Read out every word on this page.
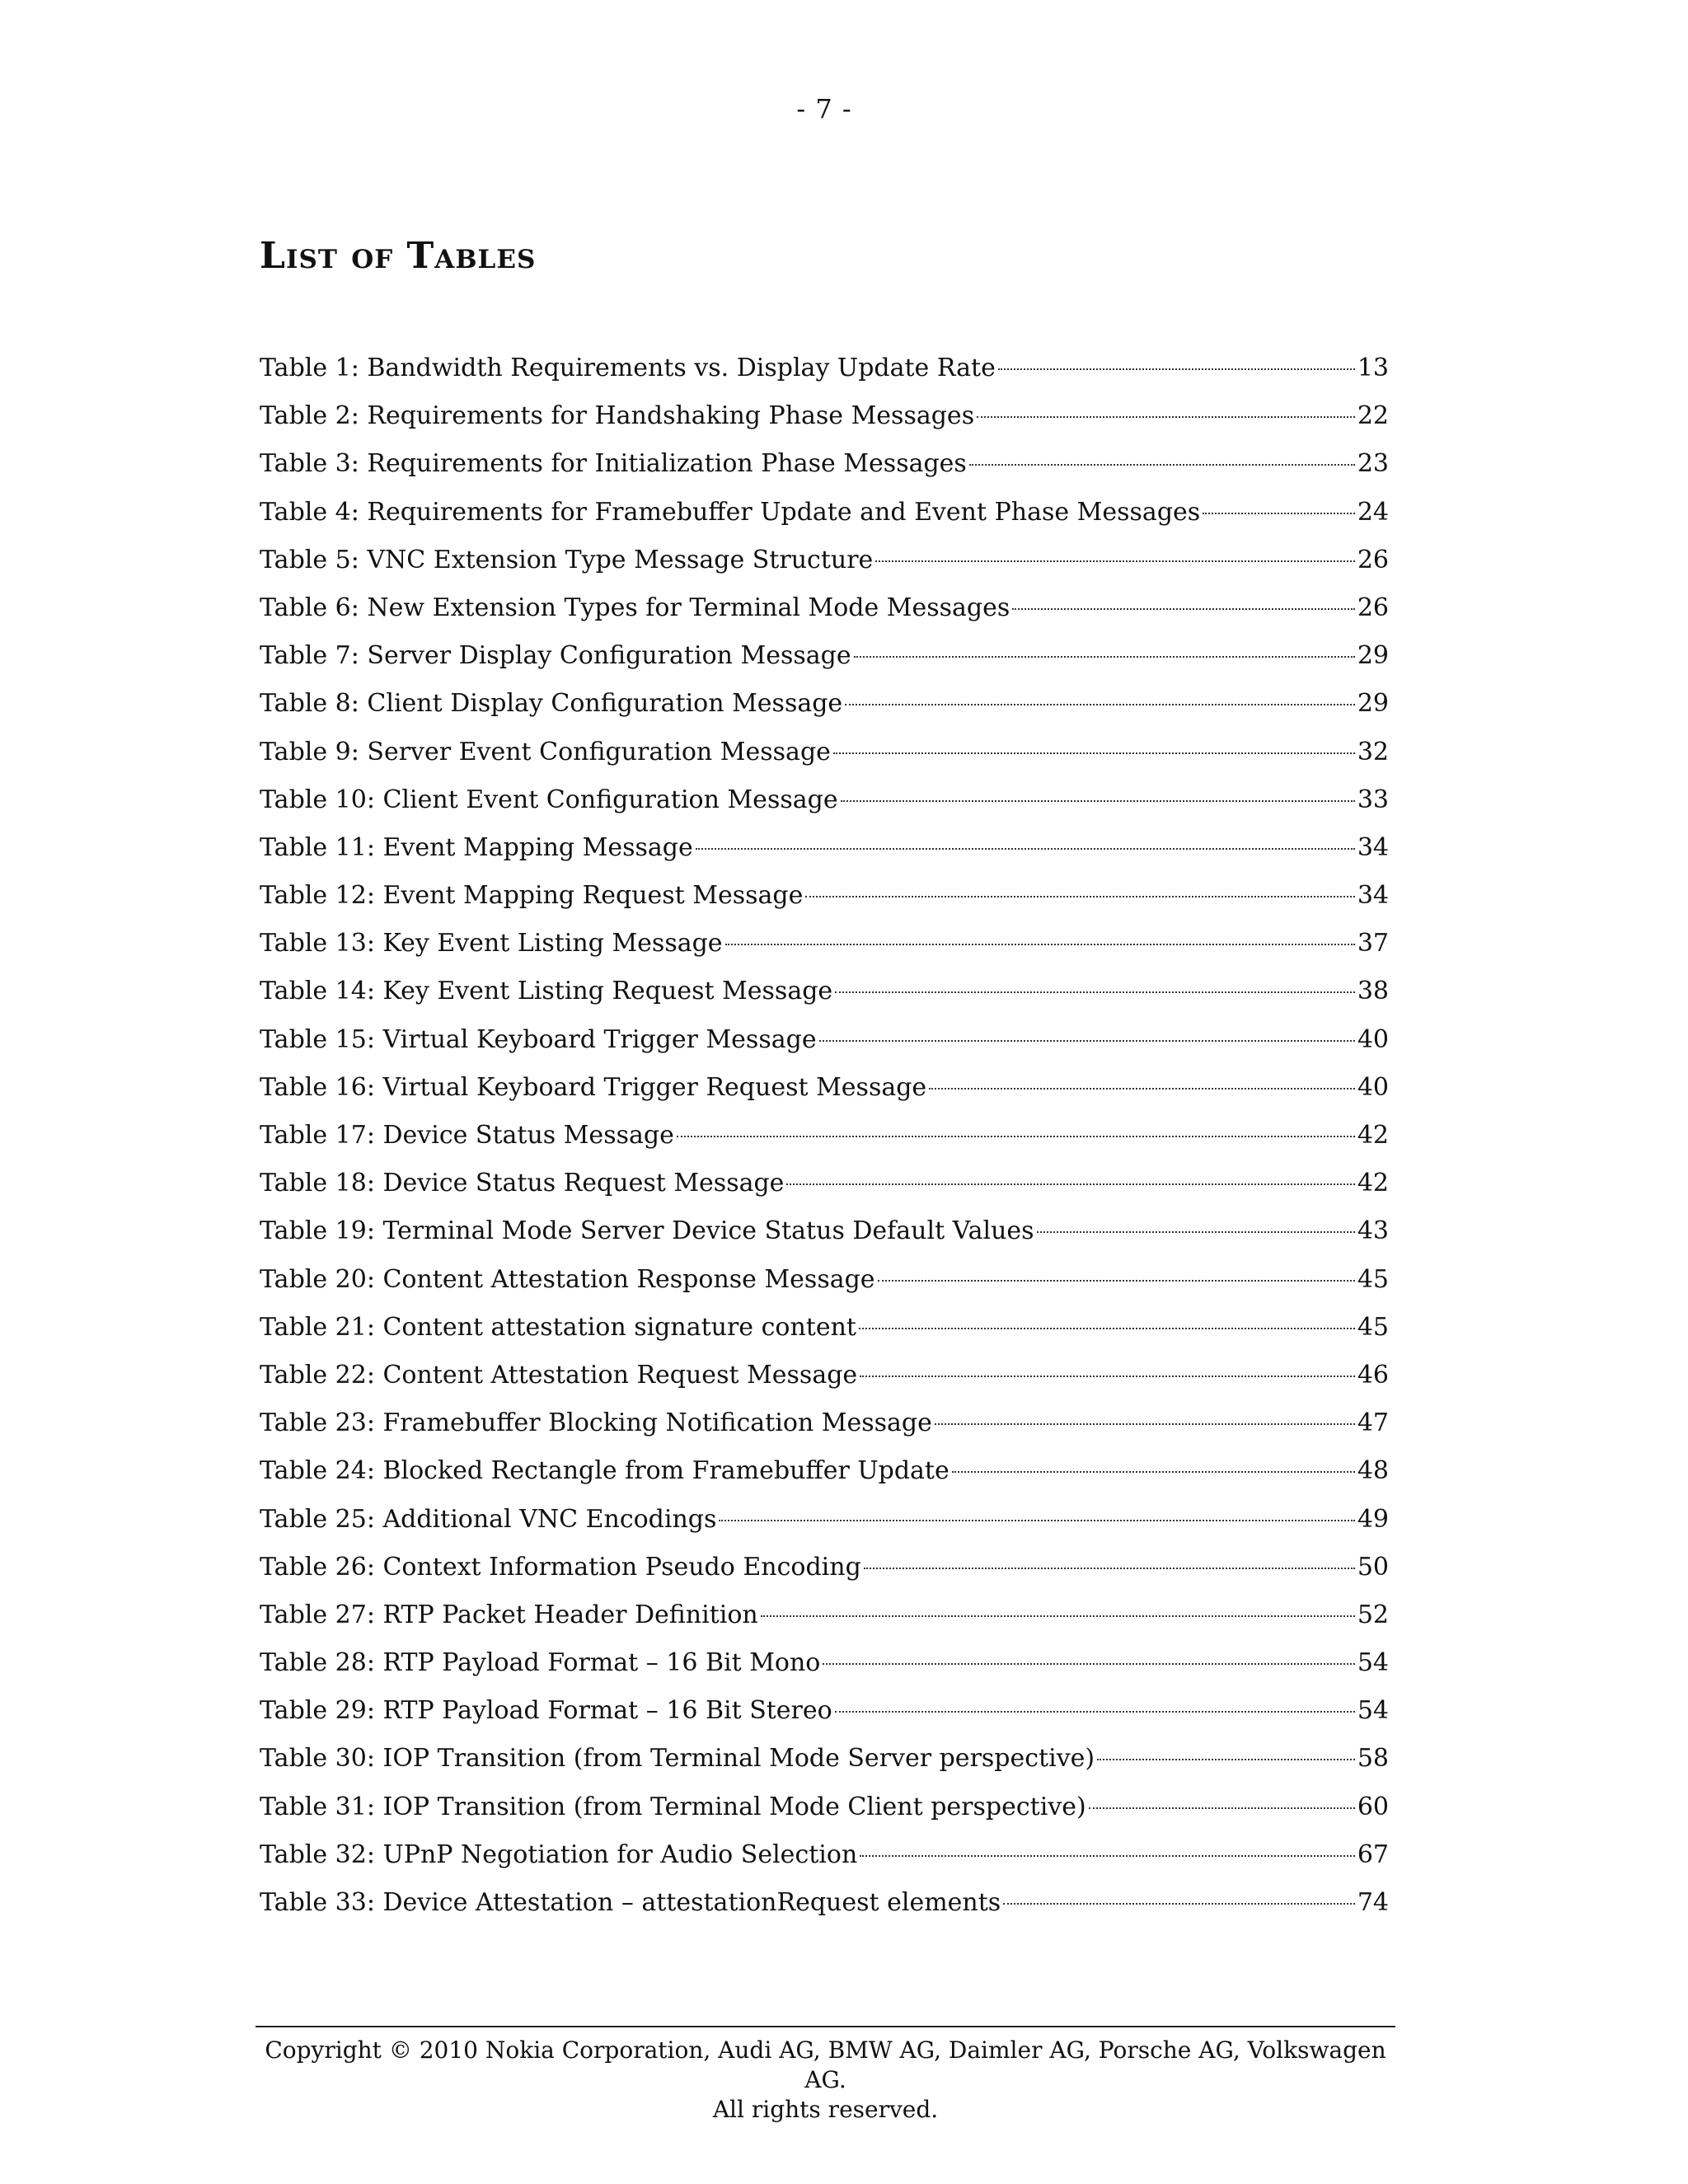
- 7 -
List of Tables
Table 1: Bandwidth Requirements vs. Display Update Rate	13
Table 2: Requirements for Handshaking Phase Messages	22
Table 3: Requirements for Initialization Phase Messages	23
Table 4: Requirements for Framebuffer Update and Event Phase Messages	24
Table 5: VNC Extension Type Message Structure	26
Table 6: New Extension Types for Terminal Mode Messages	26
Table 7: Server Display Configuration Message	29
Table 8: Client Display Configuration Message	29
Table 9: Server Event Configuration Message	32
Table 10: Client Event Configuration Message	33
Table 11: Event Mapping Message	34
Table 12: Event Mapping Request Message	34
Table 13: Key Event Listing Message	37
Table 14: Key Event Listing Request Message	38
Table 15: Virtual Keyboard Trigger Message	40
Table 16: Virtual Keyboard Trigger Request Message	40
Table 17: Device Status Message	42
Table 18: Device Status Request Message	42
Table 19: Terminal Mode Server Device Status Default Values	43
Table 20: Content Attestation Response Message	45
Table 21: Content attestation signature content	45
Table 22: Content Attestation Request Message	46
Table 23: Framebuffer Blocking Notification Message	47
Table 24: Blocked Rectangle from Framebuffer Update	48
Table 25: Additional VNC Encodings	49
Table 26: Context Information Pseudo Encoding	50
Table 27: RTP Packet Header Definition	52
Table 28: RTP Payload Format – 16 Bit Mono	54
Table 29: RTP Payload Format – 16 Bit Stereo	54
Table 30: IOP Transition (from Terminal Mode Server perspective)	58
Table 31: IOP Transition (from Terminal Mode Client perspective)	60
Table 32: UPnP Negotiation for Audio Selection	67
Table 33: Device Attestation – attestationRequest elements	74
Copyright © 2010 Nokia Corporation, Audi AG, BMW AG, Daimler AG, Porsche AG, Volkswagen AG.
All rights reserved.
